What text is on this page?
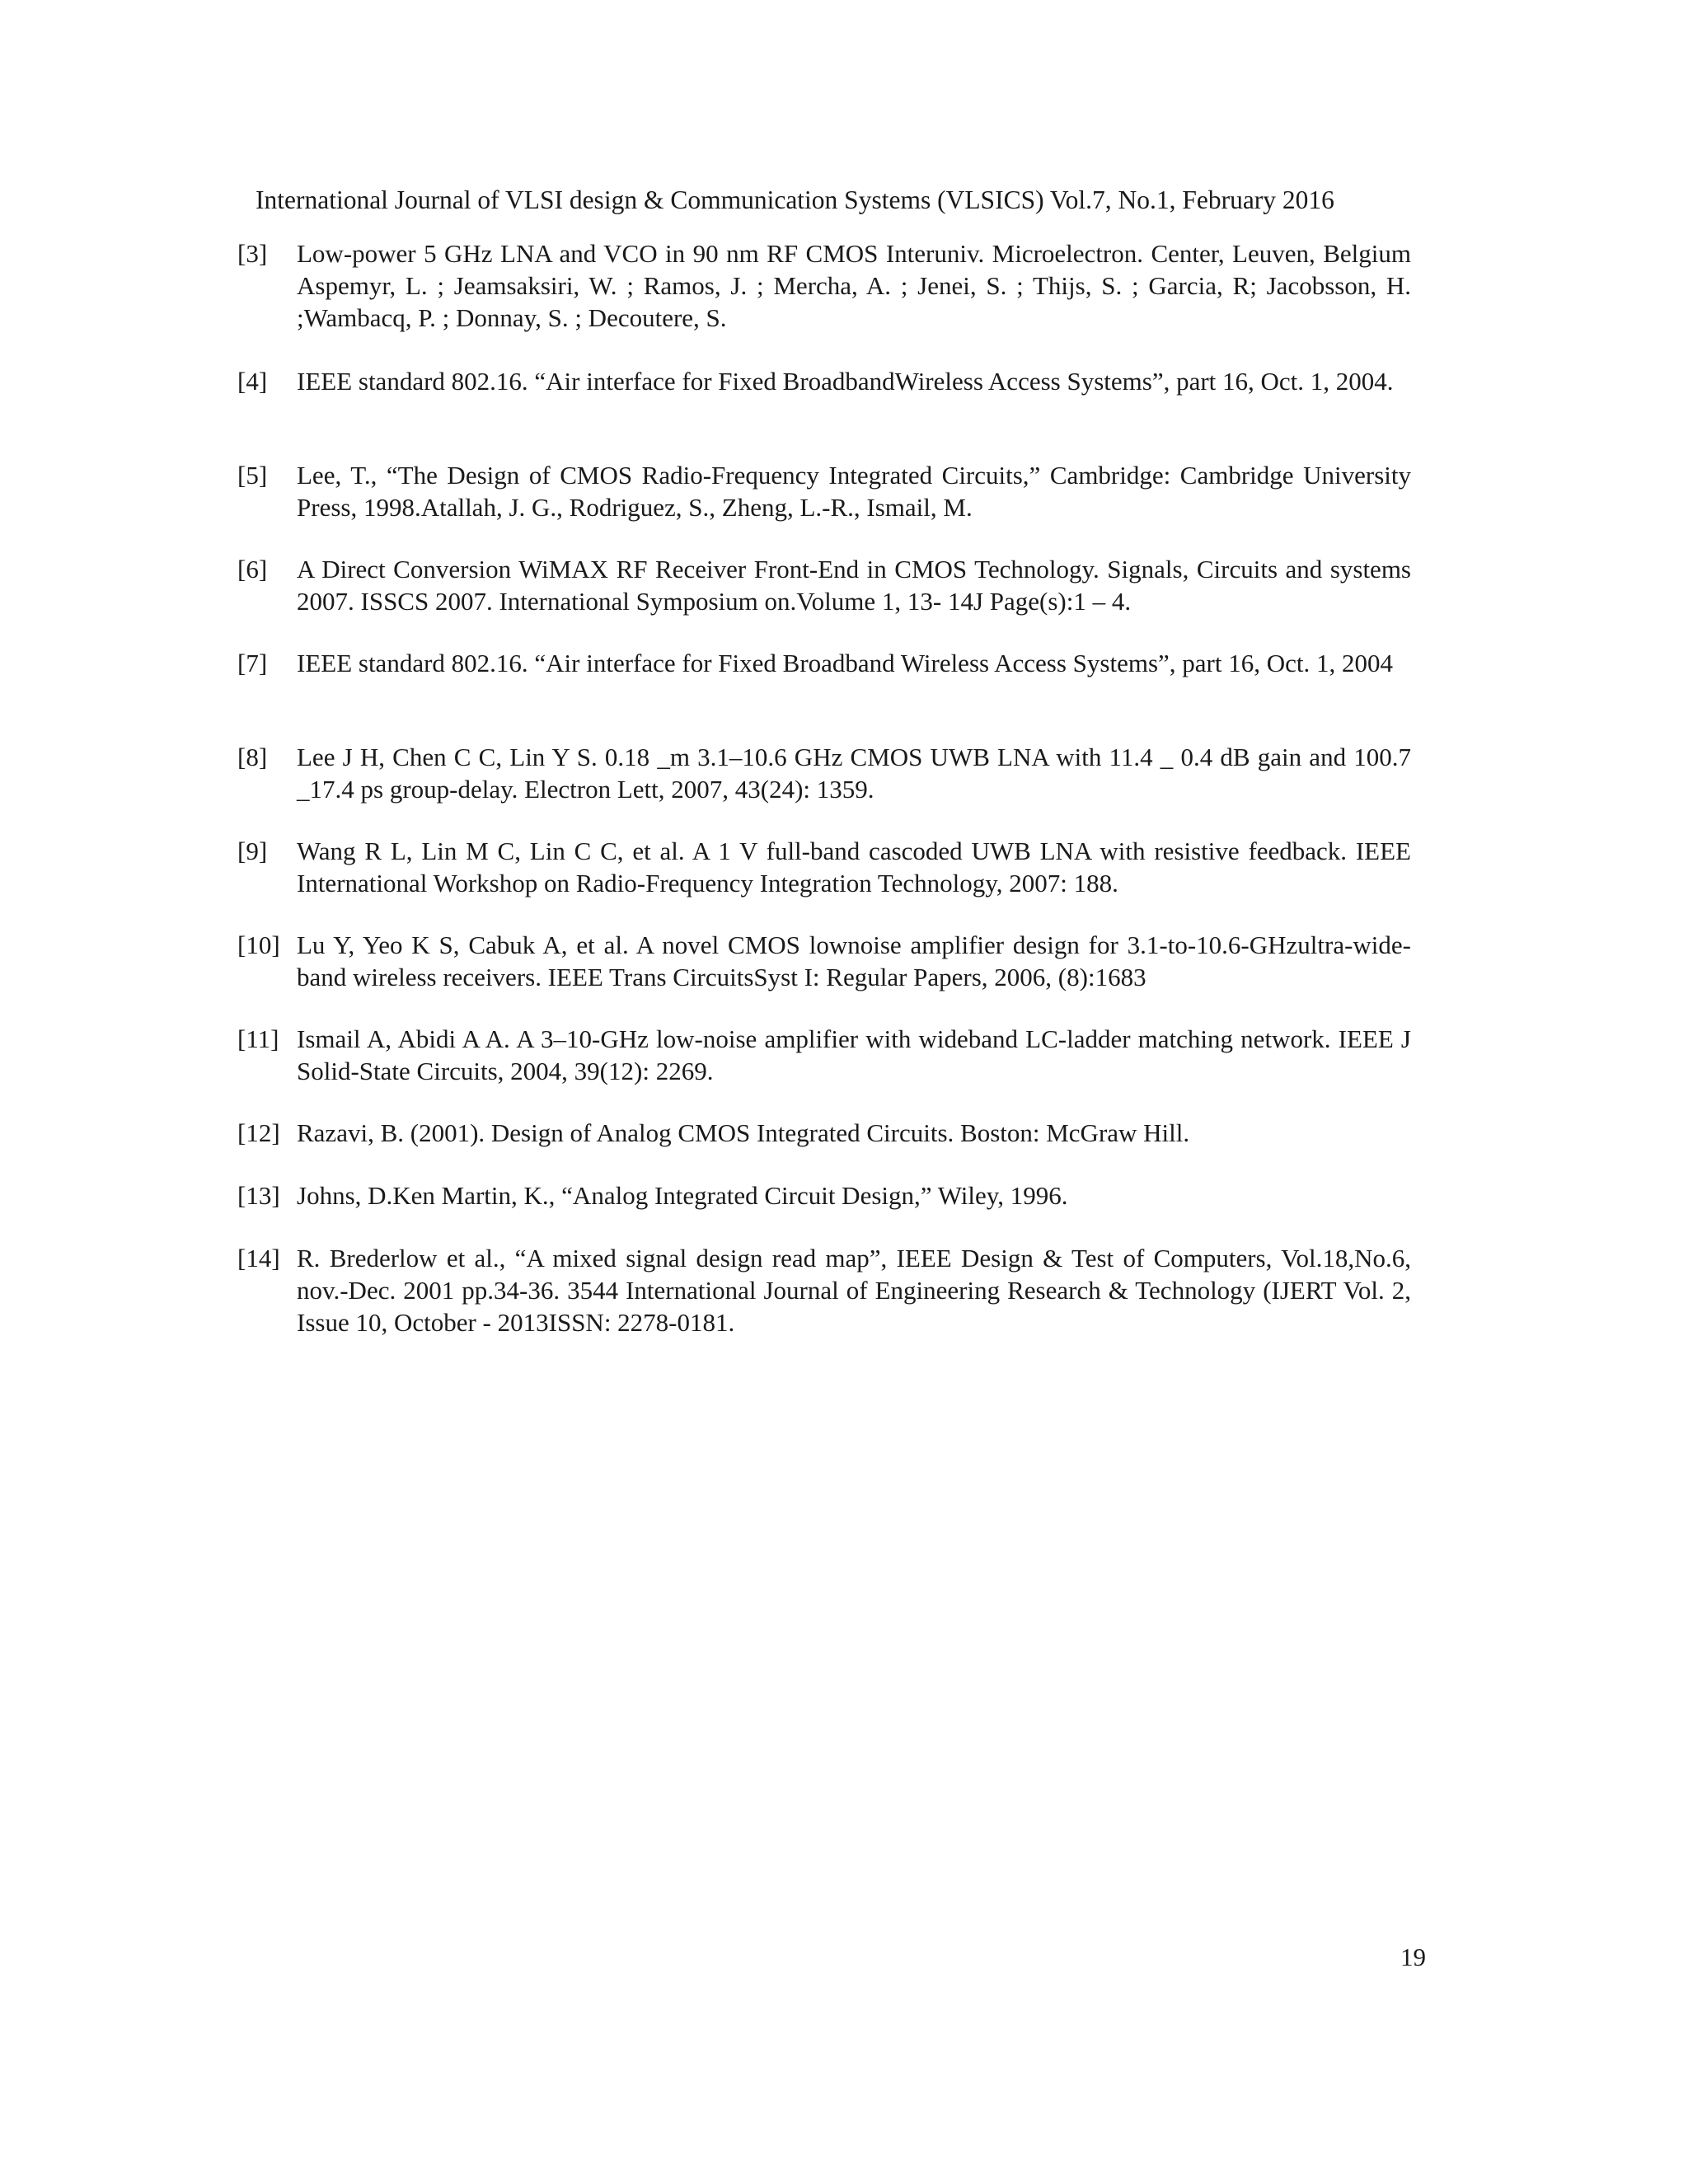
International Journal of VLSI design & Communication Systems (VLSICS) Vol.7, No.1, February 2016
[3]	Low-power 5 GHz LNA and VCO in 90 nm RF CMOS Interuniv. Microelectron. Center, Leuven, Belgium Aspemyr, L. ; Jeamsaksiri, W. ; Ramos, J. ; Mercha, A. ; Jenei, S. ; Thijs, S. ; Garcia, R; Jacobsson, H. ;Wambacq, P. ; Donnay, S. ; Decoutere, S.
[4]	IEEE standard 802.16. “Air interface for Fixed BroadbandWireless Access Systems”, part 16, Oct. 1, 2004.
[5]	Lee, T., “The Design of CMOS Radio-Frequency Integrated Circuits,” Cambridge: Cambridge University Press, 1998.Atallah, J. G., Rodriguez, S., Zheng, L.-R., Ismail, M.
[6]	A Direct Conversion WiMAX RF Receiver Front-End in CMOS Technology. Signals, Circuits and systems 2007. ISSCS 2007. International Symposium on.Volume 1, 13- 14J Page(s):1 – 4.
[7]	IEEE standard 802.16. “Air interface for Fixed Broadband Wireless Access Systems”, part 16, Oct. 1, 2004
[8]	Lee J H, Chen C C, Lin Y S. 0.18 _m 3.1–10.6 GHz CMOS UWB LNA with 11.4 _ 0.4 dB gain and 100.7 _17.4 ps group-delay. Electron Lett, 2007, 43(24): 1359.
[9]	Wang R L, Lin M C, Lin C C, et al. A 1 V full-band cascoded UWB LNA with resistive feedback. IEEE International Workshop on Radio-Frequency Integration Technology, 2007: 188.
[10] Lu Y, Yeo K S, Cabuk A, et al. A novel CMOS lownoise amplifier design for 3.1-to-10.6-GHzultra-wide- band wireless receivers. IEEE Trans CircuitsSyst I: Regular Papers, 2006, (8):1683
[11] Ismail A, Abidi A A. A 3–10-GHz low-noise amplifier with wideband LC-ladder matching network. IEEE J Solid-State Circuits, 2004, 39(12): 2269.
[12] Razavi, B. (2001). Design of Analog CMOS Integrated Circuits. Boston: McGraw Hill.
[13] Johns, D.Ken Martin, K., “Analog Integrated Circuit Design,” Wiley, 1996.
[14] R. Brederlow et al., “A mixed signal design read map”, IEEE Design & Test of Computers, Vol.18,No.6, nov.-Dec. 2001 pp.34-36. 3544 International Journal of Engineering Research & Technology (IJERT Vol. 2, Issue 10, October - 2013ISSN: 2278-0181.
19
